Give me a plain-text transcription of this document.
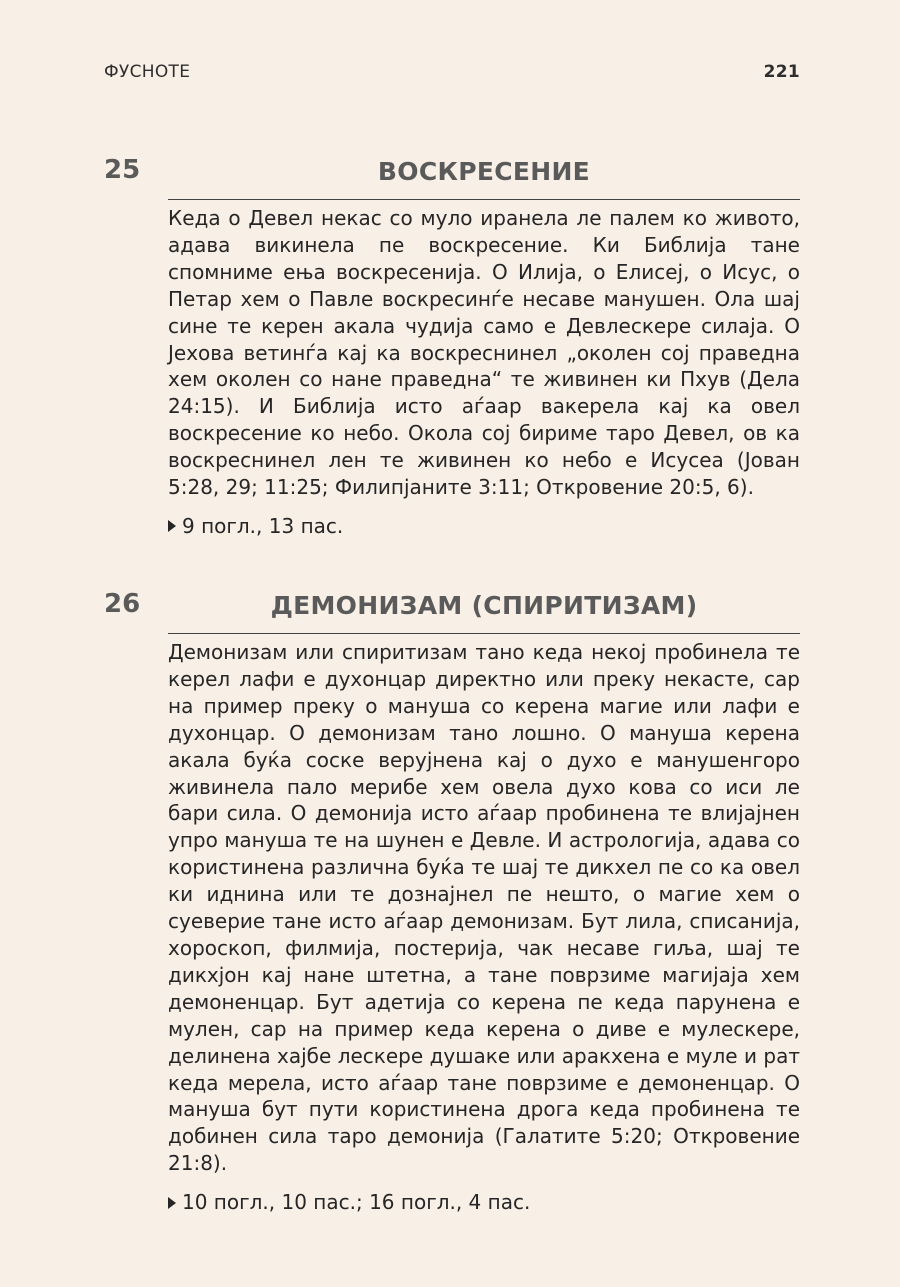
ФУСНОТЕ	221
25	ВОСКРЕСЕНИЕ

Кеда о Девел некас со муло иранела ле палем ко живото, адава викинела пе воскресение. Ки Библија тане спомниме ења воскресенија. О Илија, о Елисеј, о Исус, о Петар хем о Павле воскресинѓе несаве манушен. Ола шај сине те керен акала чудија само е Девлескере силаја. О Јехова ветинѓа кај ка воскреснинел „околен сој праведна хем околен со нане праведна“ те живинен ки Пхув (Дела 24:15). И Библија исто аѓаар вакерела кај ка овел воскресение ко небо. Окола сој бириме таро Девел, ов ка воскреснинел лен те живинен ко небо е Исусеа (Јован 5:28, 29; 11:25; Филипјаните 3:11; Откровение 20:5, 6).

9 погл., 13 пас.
26	ДЕМОНИЗАМ (СПИРИТИЗАМ)

Демонизам или спиритизам тано кеда некој пробинела те керел лафи е духонцар директно или преку некасте, сар на пример преку о мануша со керена магие или лафи е духонцар. О демонизам тано лошно. О мануша керена акала буќа соске верујнена кај о духо е манушенгоро живинела пало мерибе хем овела духо кова со иси ле бари сила. О демонија исто аѓаар пробинена те влијајнен упро мануша те на шунен е Девле. И астрологија, адава со користинена различна буќа те шај те дикхел пе со ка овел ки иднина или те дознајнел пе нешто, о магие хем о суеверие тане исто аѓаар демонизам. Бут лила, списанија, хороскоп, филмија, постерија, чак несаве гиља, шај те дикхјон кај нане штетна, а тане поврзиме магијаја хем демоненцар. Бут адетија со керена пе кеда парунена е мулен, сар на пример кеда керена о диве е мулескере, делинена хајбе лескере душаке или аракхена е муле и рат кеда мерела, исто аѓаар тане поврзиме е демоненцар. О мануша бут пути користинена дрога кеда пробинена те добинен сила таро демонија (Галатите 5:20; Откровение 21:8).

10 погл., 10 пас.; 16 погл., 4 пас.
